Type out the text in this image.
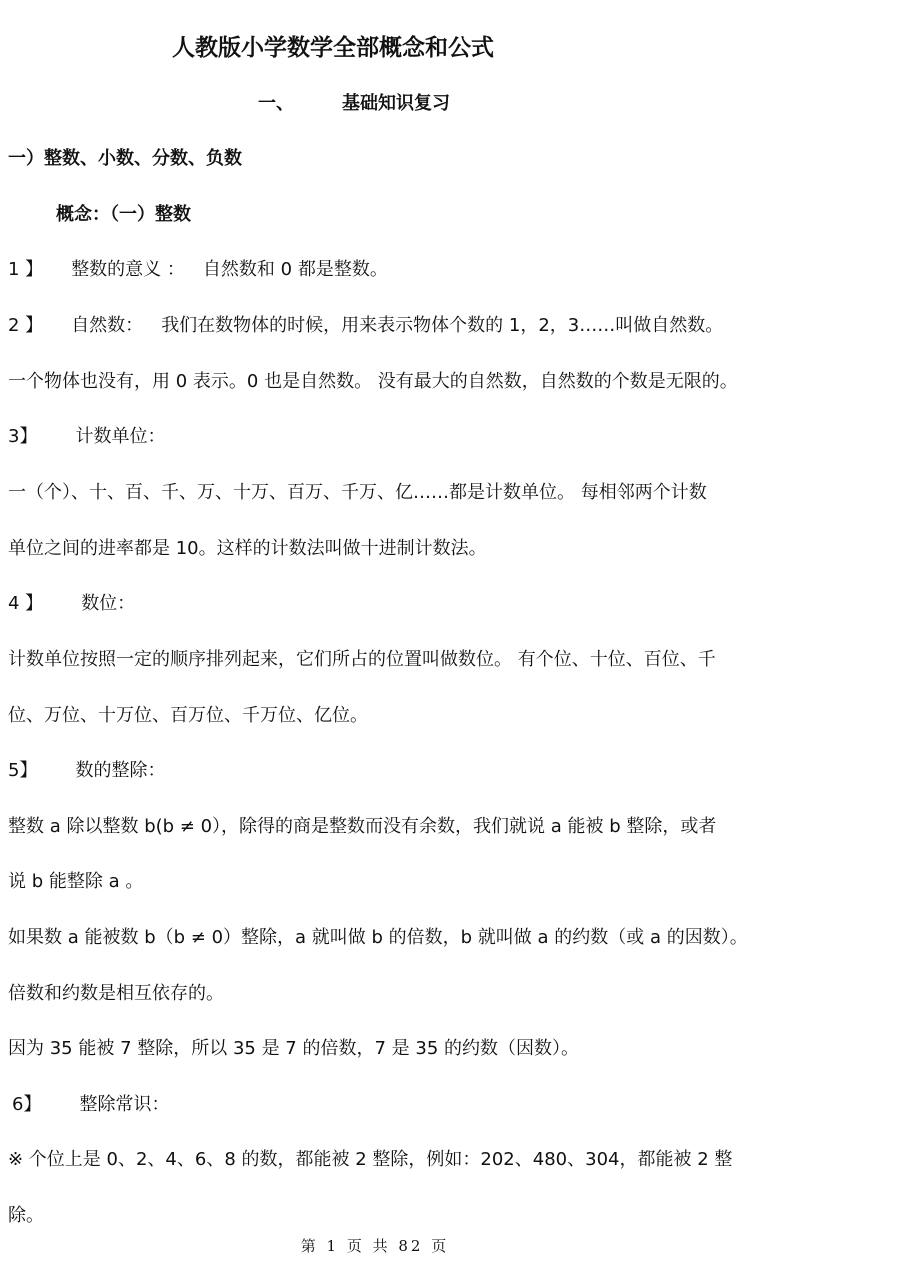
人教版小学数学全部概念和公式
一、	基础知识复习
一）整数、小数、分数、负数
概念：（一）整数
1 】 整数的意义 ： 自然数和 0 都是整数。
2 】 自然数： 我们在数物体的时候，用来表示物体个数的 1，2，3……叫做自然数。
一个物体也没有，用 0 表示。0 也是自然数。 没有最大的自然数，自然数的个数是无限的。
3】 计数单位：
一（个）、十、百、千、万、十万、百万、千万、亿……都是计数单位。 每相邻两个计数
单位之间的进率都是 10。这样的计数法叫做十进制计数法。
4 】 数位：
计数单位按照一定的顺序排列起来，它们所占的位置叫做数位。 有个位、十位、百位、千
位、万位、十万位、百万位、千万位、亿位。
5】 数的整除：
整数 a 除以整数 b(b ≠ 0），除得的商是整数而没有余数，我们就说 a 能被 b 整除，或者
说 b 能整除 a 。
如果数 a 能被数 b（b ≠ 0）整除，a 就叫做 b 的倍数，b 就叫做 a 的约数（或 a 的因数）。
倍数和约数是相互依存的。
因为 35 能被 7 整除，所以 35 是 7 的倍数，7 是 35 的约数（因数）。
6】 整除常识：
※ 个位上是 0、2、4、6、8 的数，都能被 2 整除，例如：202、480、304，都能被 2 整
除。
第 1 页 共 82 页
